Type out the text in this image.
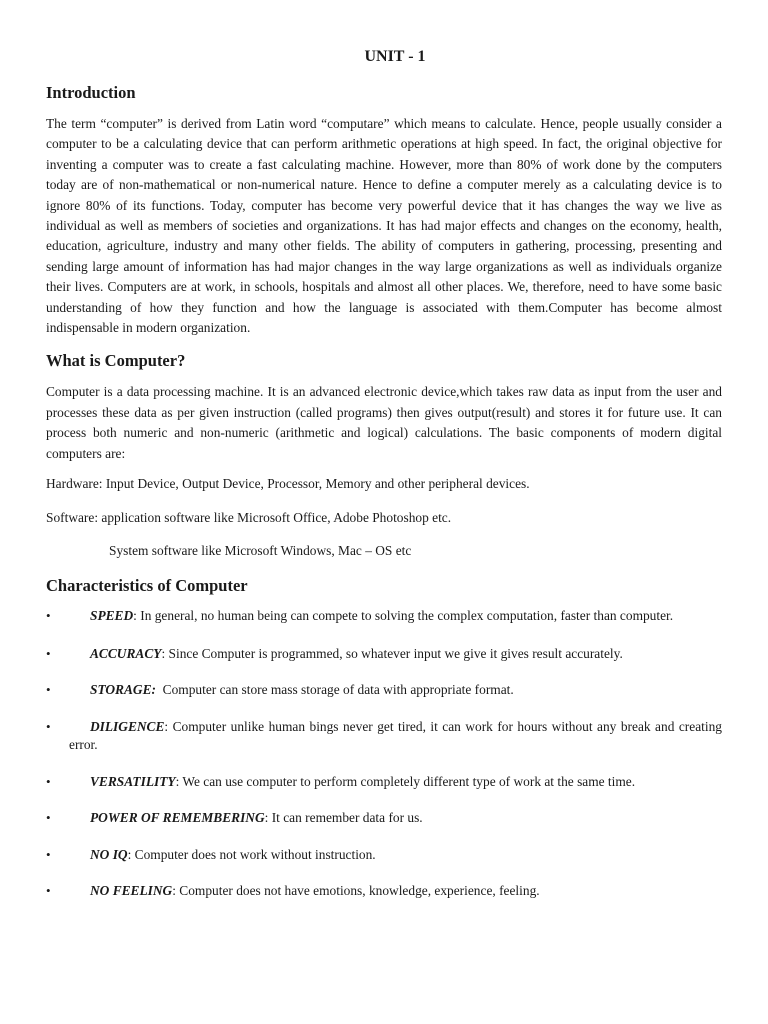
UNIT - 1
Introduction

The term “computer” is derived from Latin word “computare” which means to calculate. Hence, people usually consider a computer to be a calculating device that can perform arithmetic operations at high speed. In fact, the original objective for inventing a computer was to create a fast calculating machine. However, more than 80% of work done by the computers today are of non-mathematical or non-numerical nature. Hence to define a computer merely as a calculating device is to ignore 80% of its functions. Today, computer has become very powerful device that it has changes the way we live as individual as well as members of societies and organizations. It has had major effects and changes on the economy, health, education, agriculture, industry and many other fields. The ability of computers in gathering, processing, presenting and sending large amount of information has had major changes in the way large organizations as well as individuals organize their lives. Computers are at work, in schools, hospitals and almost all other places. We, therefore, need to have some basic understanding of how they function and how the language is associated with them.Computer has become almost indispensable in modern organization.

What is Computer?

Computer is a data processing machine. It is an advanced electronic device,which takes raw data as input from the user and processes these data as per given instruction (called programs) then gives output(result) and stores it for future use. It can process both numeric and non-numeric (arithmetic and logical) calculations. The basic components of modern digital computers are:

Hardware: Input Device, Output Device, Processor, Memory and other peripheral devices.

Software: application software like Microsoft Office, Adobe Photoshop etc.

System software like Microsoft Windows, Mac – OS etc

Characteristics of Computer
•	SPEED: In general, no human being can compete to solving the complex computation, faster than computer.
•	ACCURACY: Since Computer is programmed, so whatever input we give it gives result accurately.
•	STORAGE:  Computer can store mass storage of data with appropriate format.
•	DILIGENCE: Computer unlike human bings never get tired, it can work for hours without any break and creating error.
•	VERSATILITY: We can use computer to perform completely different type of work at the same time.
•	POWER OF REMEMBERING: It can remember data for us.
•	NO IQ: Computer does not work without instruction.
•	NO FEELING: Computer does not have emotions, knowledge, experience, feeling.
